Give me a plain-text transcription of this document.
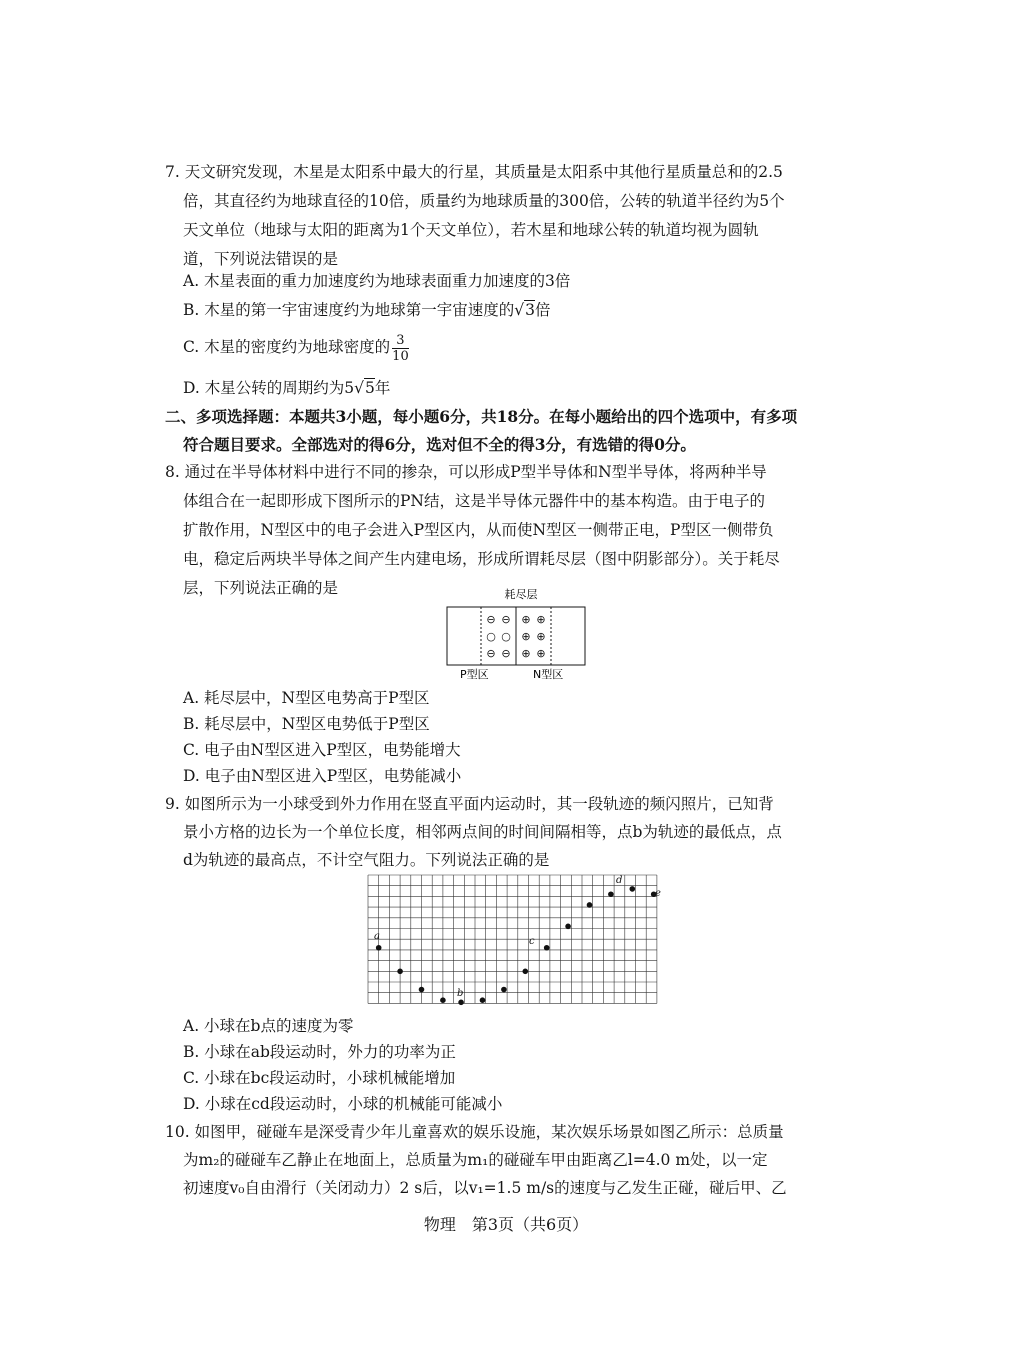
7. 天文研究发现，木星是太阳系中最大的行星，其质量是太阳系中其他行星质量总和的2.5
倍，其直径约为地球直径的10倍，质量约为地球质量的300倍，公转的轨道半径约为5个
天文单位（地球与太阳的距离为1个天文单位），若木星和地球公转的轨道均视为圆轨
道，下列说法错误的是
A. 木星表面的重力加速度约为地球表面重力加速度的3倍
B. 木星的第一宇宙速度约为地球第一宇宙速度的√3倍
C. 木星的密度约为地球密度的 $\frac{3}{10}$
D. 木星公转的周期约为5√5年
二、多项选择题：本题共3小题，每小题6分，共18分。在每小题给出的四个选项中，有多项
符合题目要求。全部选对的得6分，选对但不全的得3分，有选错的得0分。
8. 通过在半导体材料中进行不同的掺杂，可以形成P型半导体和N型半导体，将两种半导
体组合在一起即形成下图所示的PN结，这是半导体元器件中的基本构造。由于电子的
扩散作用，N型区中的电子会进入P型区内，从而使N型区一侧带正电，P型区一侧带负
电，稳定后两块半导体之间产生内建电场，形成所谓耗尽层（图中阴影部分）。关于耗尽
层，下列说法正确的是	耗尽层
⊖ ⊖ ⊕ ⊕
○ ○ ⊕ ⊕
⊖ ⊖ ⊕ ⊕
P型区	N型区
A. 耗尽层中，N型区电势高于P型区
B. 耗尽层中，N型区电势低于P型区
C. 电子由N型区进入P型区，电势能增大
D. 电子由N型区进入P型区，电势能减小
9. 如图所示为一小球受到外力作用在竖直平面内运动时，其一段轨迹的频闪照片，已知背
景小方格的边长为一个单位长度，相邻两点间的时间间隔相等，点b为轨迹的最低点，点
d为轨迹的最高点，不计空气阻力。下列说法正确的是
a
b
c
d
e
A. 小球在b点的速度为零
B. 小球在ab段运动时，外力的功率为正
C. 小球在bc段运动时，小球机械能增加
D. 小球在cd段运动时，小球的机械能可能减小
10. 如图甲，碰碰车是深受青少年儿童喜欢的娱乐设施，某次娱乐场景如图乙所示：总质量
为m₂的碰碰车乙静止在地面上，总质量为m₁的碰碰车甲由距离乙l=4.0 m处，以一定
初速度v₀自由滑行（关闭动力）2 s后，以v₁=1.5 m/s的速度与乙发生正碰，碰后甲、乙
物理　第3页（共6页）
